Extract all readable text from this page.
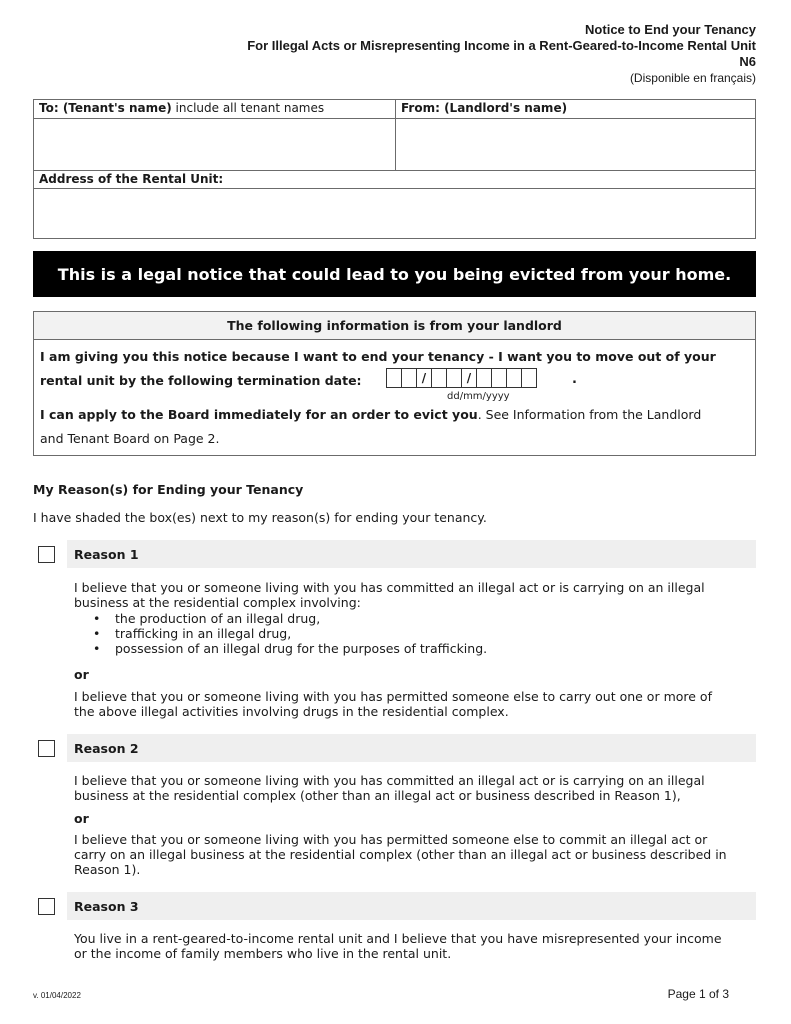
Notice to End your Tenancy
For Illegal Acts or Misrepresenting Income in a Rent-Geared-to-Income Rental Unit
N6
(Disponible en français)
To: (Tenant's name) include all tenant names	From: (Landlord's name)
Address of the Rental Unit:
This is a legal notice that could lead to you being evicted from your home.
The following information is from your landlord
I am giving you this notice because I want to end your tenancy - I want you to move out of your
rental unit by the following termination date:	/	/	.
dd/mm/yyyy
I can apply to the Board immediately for an order to evict you. See Information from the Landlord
and Tenant Board on Page 2.
My Reason(s) for Ending your Tenancy
I have shaded the box(es) next to my reason(s) for ending your tenancy.
Reason 1
I believe that you or someone living with you has committed an illegal act or is carrying on an illegal
business at the residential complex involving:
• the production of an illegal drug,
• trafficking in an illegal drug,
• possession of an illegal drug for the purposes of trafficking.
or
I believe that you or someone living with you has permitted someone else to carry out one or more of
the above illegal activities involving drugs in the residential complex.
Reason 2
I believe that you or someone living with you has committed an illegal act or is carrying on an illegal
business at the residential complex (other than an illegal act or business described in Reason 1),
or
I believe that you or someone living with you has permitted someone else to commit an illegal act or
carry on an illegal business at the residential complex (other than an illegal act or business described in
Reason 1).
Reason 3
You live in a rent-geared-to-income rental unit and I believe that you have misrepresented your income
or the income of family members who live in the rental unit.
v. 01/04/2022	Page 1 of 3
